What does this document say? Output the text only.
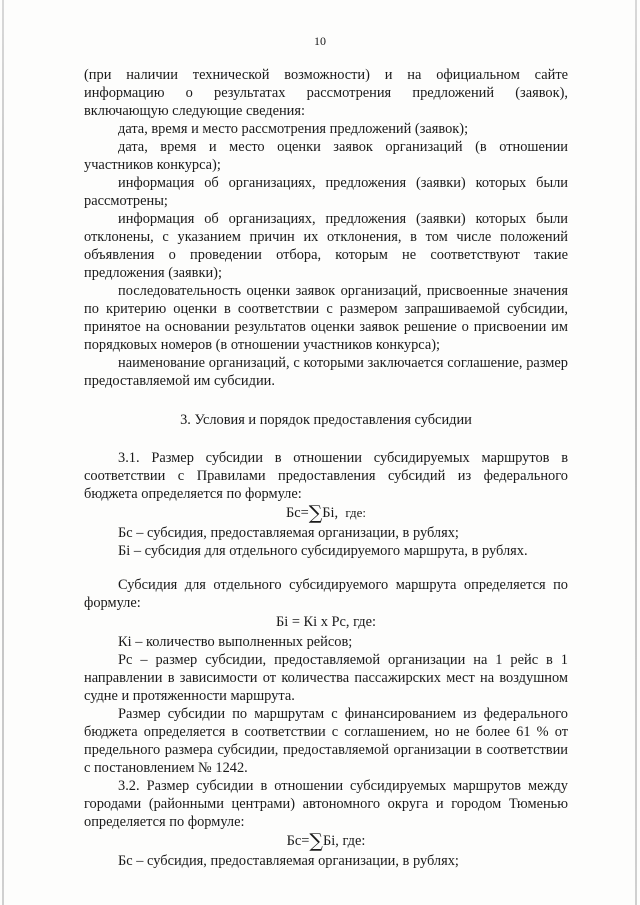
10

(при наличии технической возможности) и на официальном сайте информацию о результатах рассмотрения предложений (заявок), включающую следующие сведения:

дата, время и место рассмотрения предложений (заявок);

дата, время и место оценки заявок организаций (в отношении участников конкурса);

информация об организациях, предложения (заявки) которых были рассмотрены;

информация об организациях, предложения (заявки) которых были отклонены, с указанием причин их отклонения, в том числе положений объявления о проведении отбора, которым не соответствуют такие предложения (заявки);

последовательность оценки заявок организаций, присвоенные значения по критерию оценки в соответствии с размером запрашиваемой субсидии, принятое на основании результатов оценки заявок решение о присвоении им порядковых номеров (в отношении участников конкурса);

наименование организаций, с которыми заключается соглашение, размер предоставляемой им субсидии.

3. Условия и порядок предоставления субсидии

3.1. Размер субсидии в отношении субсидируемых маршрутов в соответствии с Правилами предоставления субсидий из федерального бюджета определяется по формуле:

Бс=∑Бi, где:

Бс – субсидия, предоставляемая организации, в рублях;

Бi – субсидия для отдельного субсидируемого маршрута, в рублях.

Субсидия для отдельного субсидируемого маршрута определяется по формуле:

Бi = Кi х Рс, где:

Кi – количество выполненных рейсов;

Рс – размер субсидии, предоставляемой организации на 1 рейс в 1 направлении в зависимости от количества пассажирских мест на воздушном судне и протяженности маршрута.

Размер субсидии по маршрутам с финансированием из федерального бюджета определяется в соответствии с соглашением, но не более 61 % от предельного размера субсидии, предоставляемой организации в соответствии с постановлением № 1242.

3.2. Размер субсидии в отношении субсидируемых маршрутов между городами (районными центрами) автономного округа и городом Тюменью определяется по формуле:

Бс=∑Бi, где:

Бс – субсидия, предоставляемая организации, в рублях;
